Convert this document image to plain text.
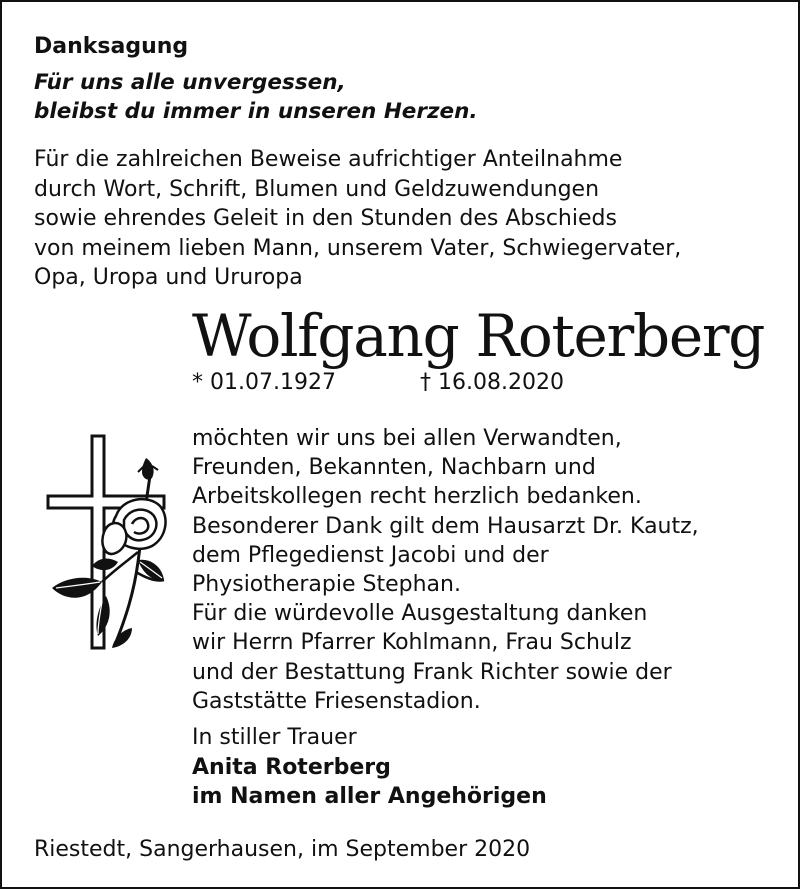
Danksagung
Für uns alle unvergessen,
bleibst du immer in unseren Herzen.
Für die zahlreichen Beweise aufrichtiger Anteilnahme
durch Wort, Schrift, Blumen und Geldzuwendungen
sowie ehrendes Geleit in den Stunden des Abschieds
von meinem lieben Mann, unserem Vater, Schwiegervater,
Opa, Uropa und Ururopa
Wolfgang Roterberg
* 01.07.1927	† 16.08.2020
möchten wir uns bei allen Verwandten,
Freunden, Bekannten, Nachbarn und
Arbeitskollegen recht herzlich bedanken.
Besonderer Dank gilt dem Hausarzt Dr. Kautz,
dem Pflegedienst Jacobi und der
Physiotherapie Stephan.
Für die würdevolle Ausgestaltung danken
wir Herrn Pfarrer Kohlmann, Frau Schulz
und der Bestattung Frank Richter sowie der
Gaststätte Friesenstadion.
In stiller Trauer
Anita Roterberg
im Namen aller Angehörigen
Riestedt, Sangerhausen, im September 2020
